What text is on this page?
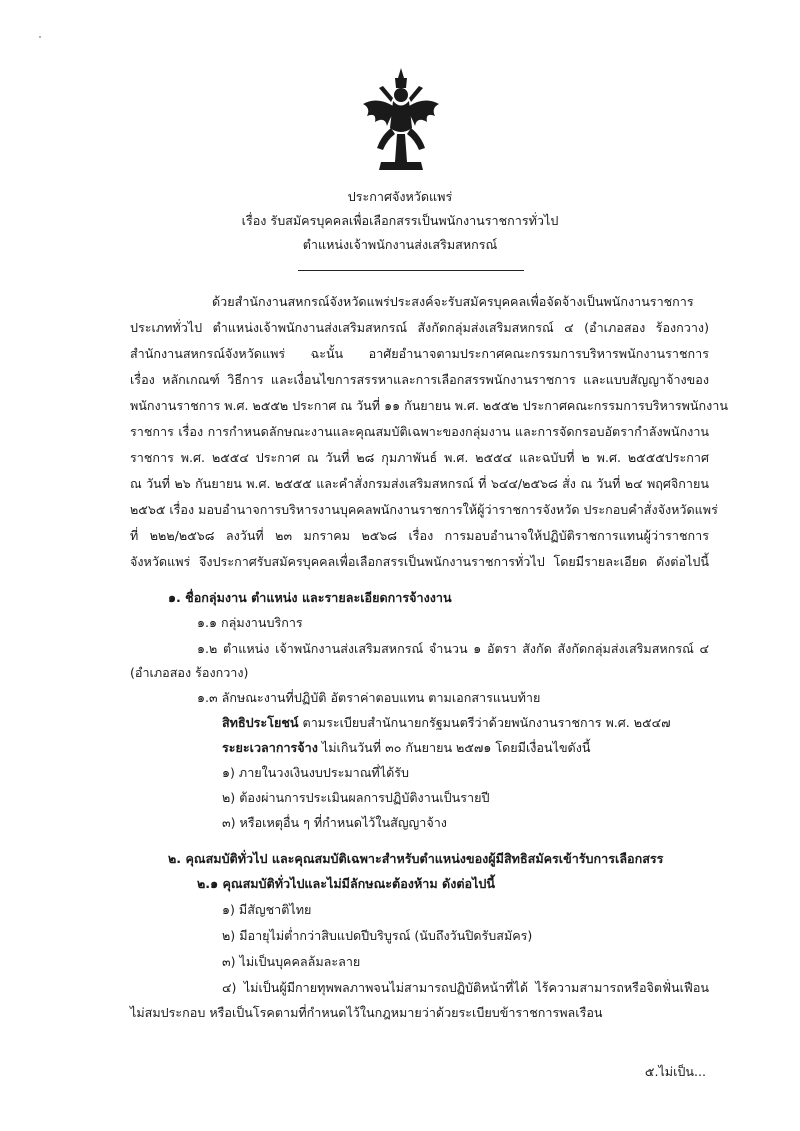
ประกาศจังหวัดแพร่
เรื่อง รับสมัครบุคคลเพื่อเลือกสรรเป็นพนักงานราชการทั่วไป
ตำแหน่งเจ้าพนักงานส่งเสริมสหกรณ์
ด้วยสำนักงานสหกรณ์จังหวัดแพร่ประสงค์จะรับสมัครบุคคลเพื่อจัดจ้างเป็นพนักงานราชการ
ประเภททั่วไป ตำแหน่งเจ้าพนักงานส่งเสริมสหกรณ์ สังกัดกลุ่มส่งเสริมสหกรณ์ ๔ (อำเภอสอง ร้องกวาง)
สำนักงานสหกรณ์จังหวัดแพร่ ฉะนั้น อาศัยอำนาจตามประกาศคณะกรรมการบริหารพนักงานราชการ
เรื่อง หลักเกณฑ์ วิธีการ และเงื่อนไขการสรรหาและการเลือกสรรพนักงานราชการ และแบบสัญญาจ้างของ
พนักงานราชการ พ.ศ. ๒๕๕๒ ประกาศ ณ วันที่ ๑๑ กันยายน พ.ศ. ๒๕๕๒ ประกาศคณะกรรมการบริหารพนักงาน
ราชการ เรื่อง การกำหนดลักษณะงานและคุณสมบัติเฉพาะของกลุ่มงาน และการจัดกรอบอัตรากำลังพนักงาน
ราชการ พ.ศ. ๒๕๕๔ ประกาศ ณ วันที่ ๒๘ กุมภาพันธ์ พ.ศ. ๒๕๕๔ และฉบับที่ ๒ พ.ศ. ๒๕๕๕ประกาศ
ณ วันที่ ๒๖ กันยายน พ.ศ. ๒๕๕๕ และคำสั่งกรมส่งเสริมสหกรณ์ ที่ ๖๔๔/๒๕๖๘ สั่ง ณ วันที่ ๒๔ พฤศจิกายน
๒๕๖๕ เรื่อง มอบอำนาจการบริหารงานบุคคลพนักงานราชการให้ผู้ว่าราชการจังหวัด ประกอบคำสั่งจังหวัดแพร่
ที่ ๒๒๒/๒๕๖๘ ลงวันที่ ๒๓ มกราคม ๒๕๖๘ เรื่อง การมอบอำนาจให้ปฏิบัติราชการแทนผู้ว่าราชการ
จังหวัดแพร่ จึงประกาศรับสมัครบุคคลเพื่อเลือกสรรเป็นพนักงานราชการทั่วไป โดยมีรายละเอียด ดังต่อไปนี้
๑. ชื่อกลุ่มงาน ตำแหน่ง และรายละเอียดการจ้างงาน
๑.๑ กลุ่มงานบริการ
๑.๒ ตำแหน่ง เจ้าพนักงานส่งเสริมสหกรณ์ จำนวน ๑ อัตรา สังกัด สังกัดกลุ่มส่งเสริมสหกรณ์ ๔
(อำเภอสอง ร้องกวาง)
๑.๓ ลักษณะงานที่ปฏิบัติ อัตราค่าตอบแทน ตามเอกสารแนบท้าย
สิทธิประโยชน์ ตามระเบียบสำนักนายกรัฐมนตรีว่าด้วยพนักงานราชการ พ.ศ. ๒๕๔๗
ระยะเวลาการจ้าง ไม่เกินวันที่ ๓๐ กันยายน ๒๕๗๑ โดยมีเงื่อนไขดังนี้
๑) ภายในวงเงินงบประมาณที่ได้รับ
๒) ต้องผ่านการประเมินผลการปฏิบัติงานเป็นรายปี
๓) หรือเหตุอื่น ๆ ที่กำหนดไว้ในสัญญาจ้าง
๒. คุณสมบัติทั่วไป และคุณสมบัติเฉพาะสำหรับตำแหน่งของผู้มีสิทธิสมัครเข้ารับการเลือกสรร
๒.๑ คุณสมบัติทั่วไปและไม่มีลักษณะต้องห้าม ดังต่อไปนี้
๑) มีสัญชาติไทย
๒) มีอายุไม่ต่ำกว่าสิบแปดปีบริบูรณ์ (นับถึงวันปิดรับสมัคร)
๓) ไม่เป็นบุคคลล้มละลาย
๔) ไม่เป็นผู้มีกายทุพพลภาพจนไม่สามารถปฏิบัติหน้าที่ได้ ไร้ความสามารถหรือจิตฟั่นเฟือน
ไม่สมประกอบ หรือเป็นโรคตามที่กำหนดไว้ในกฎหมายว่าด้วยระเบียบข้าราชการพลเรือน
๕.ไม่เป็น...
